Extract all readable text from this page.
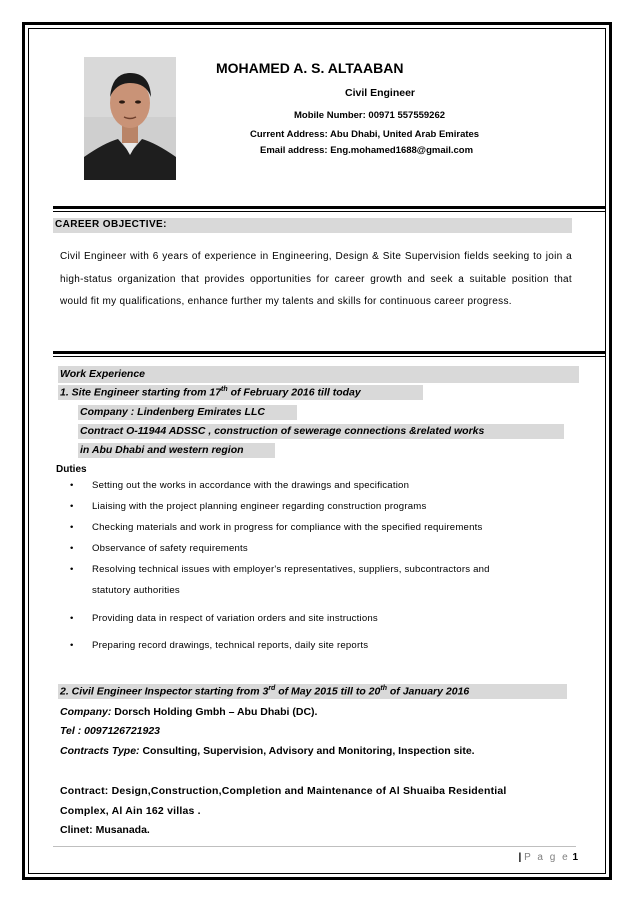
MOHAMED A. S. ALTAABAN
Civil Engineer
Mobile Number: 00971 557559262
Current Address: Abu Dhabi, United Arab Emirates
Email address: Eng.mohamed1688@gmail.com
CAREER OBJECTIVE:
Civil Engineer with 6 years of experience in Engineering, Design & Site Supervision fields seeking to join a high-status organization that provides opportunities for career growth and seek a suitable position that would fit my qualifications, enhance further my talents and skills for continuous career progress.
Work Experience
1. Site Engineer starting from 17th of February 2016 till today
Company : Lindenberg Emirates LLC
Contract O-11944 ADSSC , construction of sewerage connections &related works
in Abu Dhabi and western region
Duties
• Setting out the works in accordance with the drawings and specification
• Liaising with the project planning engineer regarding construction programs
• Checking materials and work in progress for compliance with the specified requirements
• Observance of safety requirements
• Resolving technical issues with employer's representatives, suppliers, subcontractors and
statutory authorities
• Providing data in respect of variation orders and site instructions
• Preparing record drawings, technical reports, daily site reports
2. Civil Engineer Inspector starting from 3rd of May 2015 till to 20th of January 2016
Company: Dorsch Holding Gmbh – Abu Dhabi (DC).
Tel : 0097126721923
Contracts Type: Consulting, Supervision, Advisory and Monitoring, Inspection site.
Contract: Design,Construction,Completion and Maintenance of Al Shuaiba Residential
Complex, Al Ain 162 villas .
Clinet: Musanada.
| P a g e 1
